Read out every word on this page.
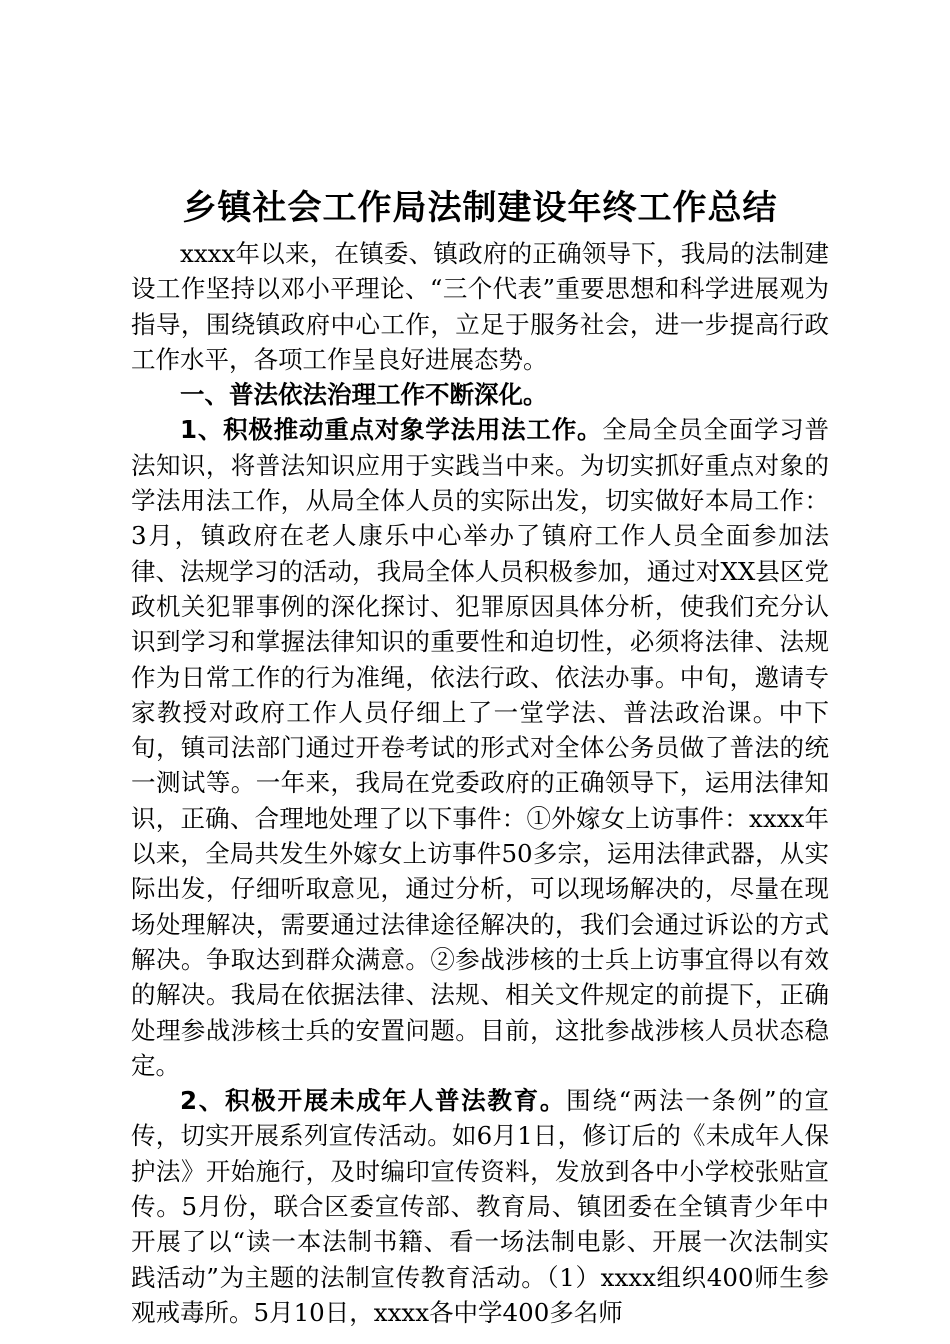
乡镇社会工作局法制建设年终工作总结

xxxx年以来，在镇委、镇政府的正确领导下，我局的法制建设工作坚持以邓小平理论、“三个代表”重要思想和科学进展观为指导，围绕镇政府中心工作，立足于服务社会，进一步提高行政工作水平，各项工作呈良好进展态势。

一、普法依法治理工作不断深化。

1、积极推动重点对象学法用法工作。全局全员全面学习普法知识，将普法知识应用于实践当中来。为切实抓好重点对象的学法用法工作，从局全体人员的实际出发，切实做好本局工作：3月，镇政府在老人康乐中心举办了镇府工作人员全面参加法律、法规学习的活动，我局全体人员积极参加，通过对XX县区党政机关犯罪事例的深化探讨、犯罪原因具体分析，使我们充分认识到学习和掌握法律知识的重要性和迫切性，必须将法律、法规作为日常工作的行为准绳，依法行政、依法办事。中旬，邀请专家教授对政府工作人员仔细上了一堂学法、普法政治课。中下旬，镇司法部门通过开卷考试的形式对全体公务员做了普法的统一测试等。一年来，我局在党委政府的正确领导下，运用法律知识，正确、合理地处理了以下事件：①外嫁女上访事件：xxxx年以来，全局共发生外嫁女上访事件50多宗，运用法律武器，从实际出发，仔细听取意见，通过分析，可以现场解决的，尽量在现场处理解决，需要通过法律途径解决的，我们会通过诉讼的方式解决。争取达到群众满意。②参战涉核的士兵上访事宜得以有效的解决。我局在依据法律、法规、相关文件规定的前提下，正确处理参战涉核士兵的安置问题。目前，这批参战涉核人员状态稳定。

2、积极开展未成年人普法教育。围绕“两法一条例”的宣传，切实开展系列宣传活动。如6月1日，修订后的《未成年人保护法》开始施行，及时编印宣传资料，发放到各中小学校张贴宣传。5月份，联合区委宣传部、教育局、镇团委在全镇青少年中开展了以“读一本法制书籍、看一场法制电影、开展一次法制实践活动”为主题的法制宣传教育活动。（1）xxxx组织400师生参观戒毒所。5月10日，xxxx各中学400多名师
